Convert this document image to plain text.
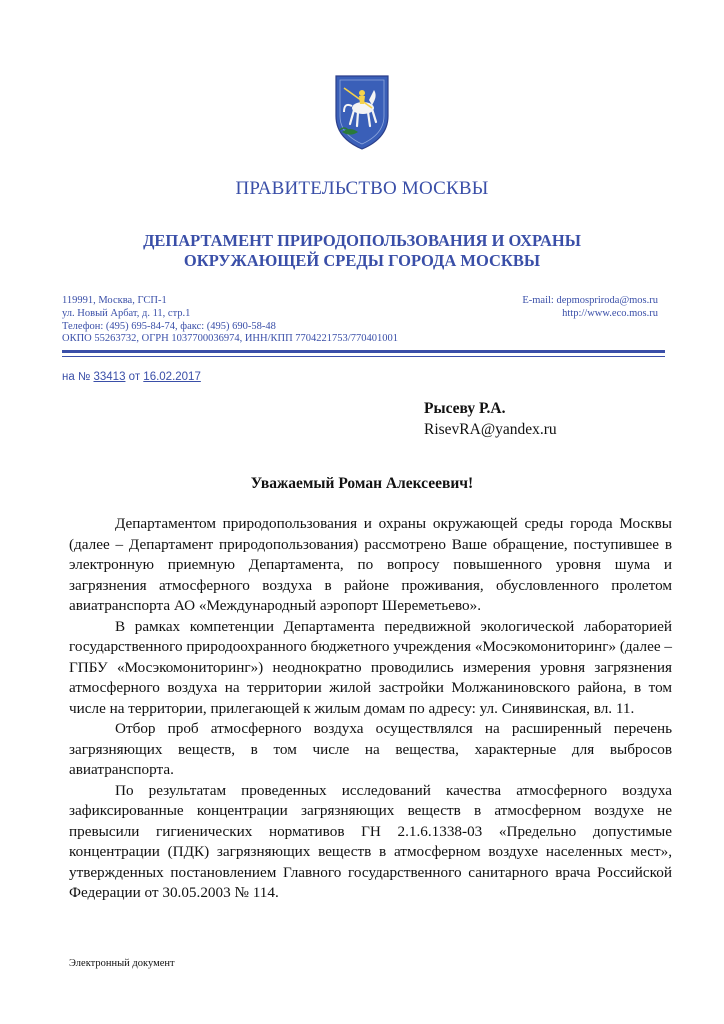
ПРАВИТЕЛЬСТВО МОСКВЫ
ДЕПАРТАМЕНТ ПРИРОДОПОЛЬЗОВАНИЯ И ОХРАНЫ
ОКРУЖАЮЩЕЙ СРЕДЫ ГОРОДА МОСКВЫ
119991, Москва, ГСП-1
ул. Новый Арбат, д. 11, стр.1
Телефон: (495) 695-84-74, факс: (495) 690-58-48
ОКПО 55263732, ОГРН 1037700036974, ИНН/КПП 7704221753/770401001
E-mail: depmospriroda@mos.ru
http://www.eco.mos.ru
на № 33413 от 16.02.2017
Рысеву Р.А.
RisevRA@yandex.ru
Уважаемый Роман Алексеевич!

Департаментом природопользования и охраны окружающей среды города Москвы (далее – Департамент природопользования) рассмотрено Ваше обращение, поступившее в электронную приемную Департамента, по вопросу повышенного уровня шума и загрязнения атмосферного воздуха в районе проживания, обусловленного пролетом авиатранспорта АО «Международный аэропорт Шереметьево».

В рамках компетенции Департамента передвижной экологической лабораторией государственного природоохранного бюджетного учреждения «Мосэкомониторинг» (далее – ГПБУ «Мосэкомониторинг») неоднократно проводились измерения уровня загрязнения атмосферного воздуха на территории жилой застройки Молжаниновского района, в том числе на территории, прилегающей к жилым домам по адресу: ул. Синявинская, вл. 11.

Отбор проб атмосферного воздуха осуществлялся на расширенный перечень загрязняющих веществ, в том числе на вещества, характерные для выбросов авиатранспорта.

По результатам проведенных исследований качества атмосферного воздуха зафиксированные концентрации загрязняющих веществ в атмосферном воздухе не превысили гигиенических нормативов ГН 2.1.6.1338-03 «Предельно допустимые концентрации (ПДК) загрязняющих веществ в атмосферном воздухе населенных мест», утвержденных постановлением Главного государственного санитарного врача Российской Федерации от 30.05.2003 № 114.

Электронный документ
